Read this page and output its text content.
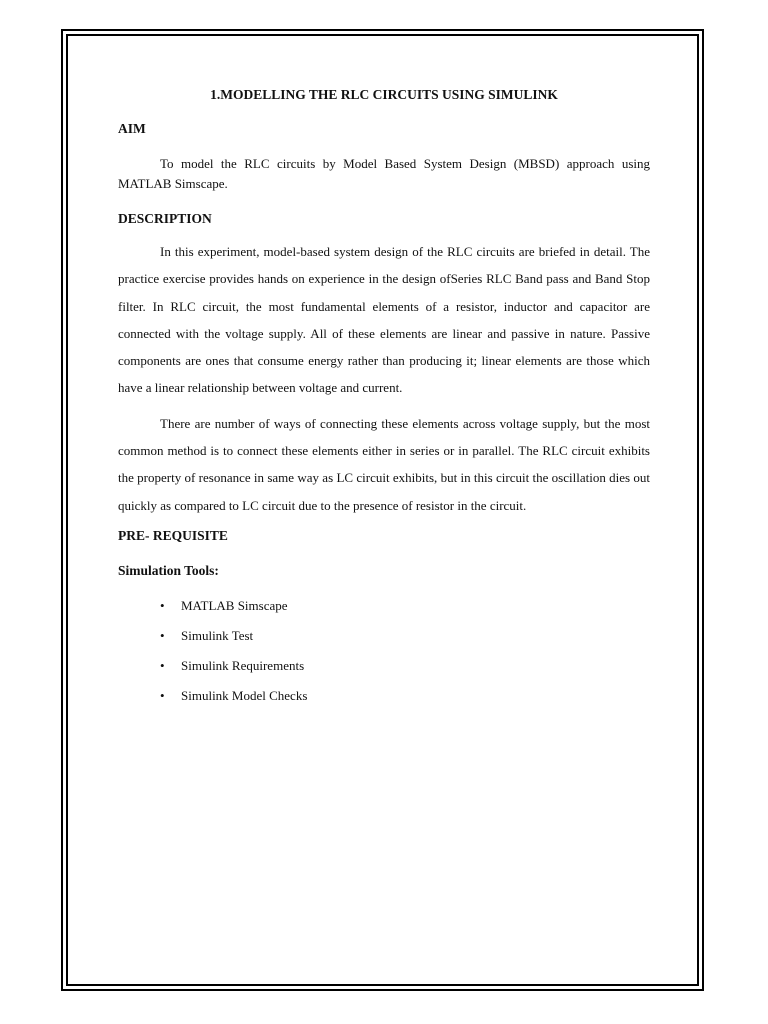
1.MODELLING THE RLC CIRCUITS USING SIMULINK
AIM

To model the RLC circuits by Model Based System Design (MBSD) approach using MATLAB Simscape.

DESCRIPTION

In this experiment, model-based system design of the RLC circuits are briefed in detail. The practice exercise provides hands on experience in the design ofSeries RLC Band pass and Band Stop filter. In RLC circuit, the most fundamental elements of a resistor, inductor and capacitor are connected with the voltage supply. All of these elements are linear and passive in nature. Passive components are ones that consume energy rather than producing it; linear elements are those which have a linear relationship between voltage and current.

There are number of ways of connecting these elements across voltage supply, but the most common method is to connect these elements either in series or in parallel. The RLC circuit exhibits the property of resonance in same way as LC circuit exhibits, but in this circuit the oscillation dies out quickly as compared to LC circuit due to the presence of resistor in the circuit.

PRE- REQUISITE
Simulation Tools:
• MATLAB Simscape
• Simulink Test
• Simulink Requirements
• Simulink Model Checks
